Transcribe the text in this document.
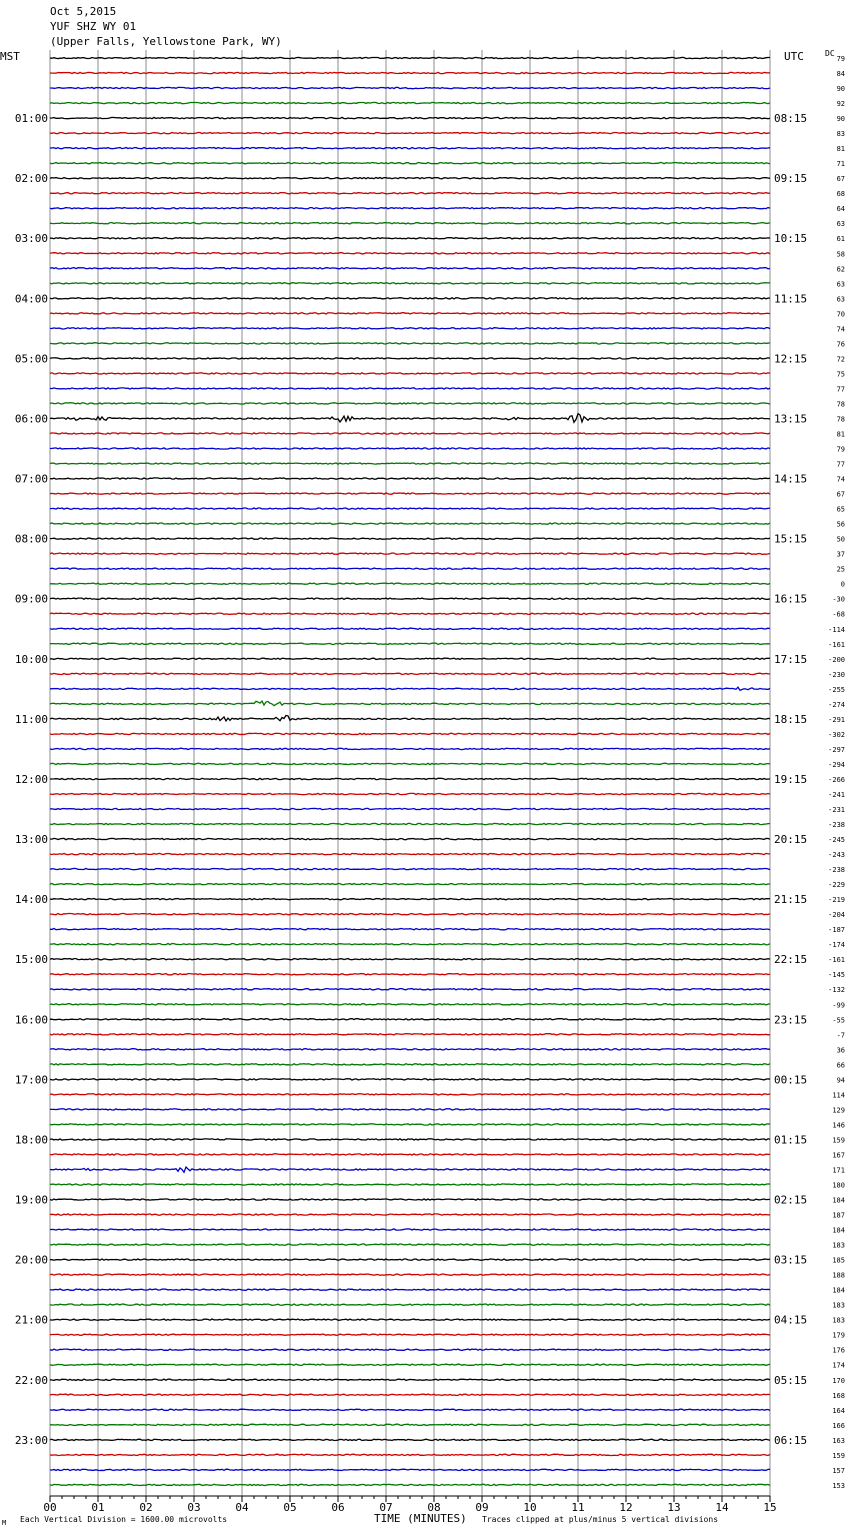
Oct 5,2015
YUF SHZ WY 01
(Upper Falls, Yellowstone Park, WY)
MST	UTC	DC
79
84
90
92
90
83
81
71
67
68
64
63
61
58
62
63
63
70
74
76
72
75
77
78
78
81
79
77
74
67
65
56
50
37
25
0
-30
-68
-114
-161
-200
-230
-255
-274
-291
-302
-297
-294
-266
-241
-231
-238
-245
-243
-238
-229
-219
-204
-187
-174
-161
-145
-132
-99
-55
-7
36
66
94
114
129
146
159
167
171
180
184
187
184
183
185
188
184
183
183
179
176
174
170
168
164
166
163
159
157
153
01:00
02:00
03:00
04:00
05:00
06:00
07:00
08:00
09:00
10:00
11:00
12:00
13:00
14:00
15:00
16:00
17:00
18:00
19:00
20:00
21:00
22:00
23:00
08:15
09:15
10:15
11:15
12:15
13:15
14:15
15:15
16:15
17:15
18:15
19:15
20:15
21:15
22:15
23:15
00:15
01:15
02:15
03:15
04:15
05:15
06:15
00	01	02	03	04	05	06	07	08	09	10	11	12	13	14	15
M Each Vertical Division = 1600.00 microvolts	TIME (MINUTES) Traces clipped at plus/minus 5 vertical divisions
